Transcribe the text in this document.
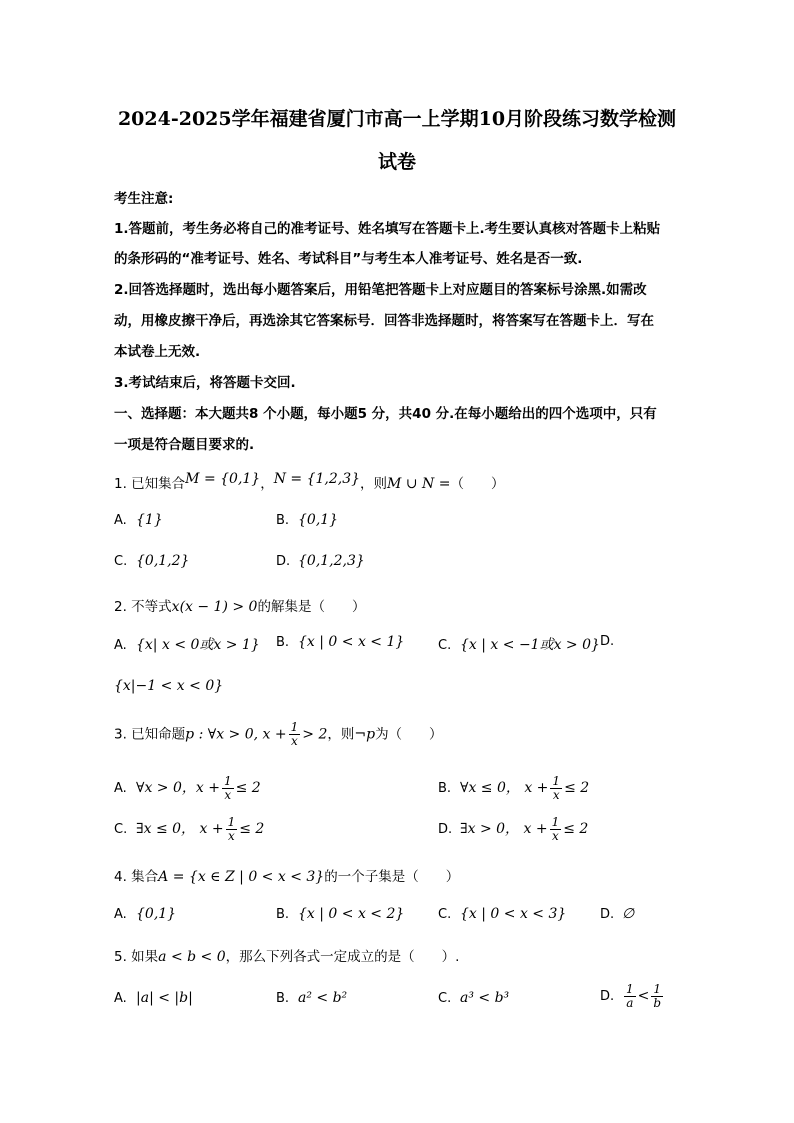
2024-2025学年福建省厦门市高一上学期10月阶段练习数学检测
试卷
考生注意:
1.答题前，考生务必将自己的准考证号、姓名填写在答题卡上.考生要认真核对答题卡上粘贴
的条形码的“准考证号、姓名、考试科目”与考生本人准考证号、姓名是否一致.
2.回答选择题时，选出每小题答案后，用铅笔把答题卡上对应题目的答案标号涂黑.如需改
动，用橡皮擦干净后，再选涂其它答案标号．回答非选择题时，将答案写在答题卡上．写在
本试卷上无效.
3.考试结束后，将答题卡交回.
一、选择题：本大题共8 个小题，每小题5 分，共40 分.在每小题给出的四个选项中，只有
一项是符合题目要求的.
1. 已知集合M = {0,1}，N = {1,2,3}，则M ∪ N =（　　）
A. {1}	B. {0,1}
C. {0,1,2}	D. {0,1,2,3}
2. 不等式x(x − 1) > 0的解集是（　　）
A. {x| x < 0或x > 1} B. {x | 0 < x < 1}	C. {x | x < −1或x > 0} D.
{x|−1 < x < 0}
3. 已知命题p : ∀x > 0, $x + \frac{1}{x} > 2$，则¬p为（　　）
A. ∀x > 0，$x + \frac{1}{x} \le 2$	B. ∀x ≤ 0， $x + \frac{1}{x} \le 2$
C. ∃x ≤ 0， $x + \frac{1}{x} \le 2$	D. ∃x > 0， $x + \frac{1}{x} \le 2$
4. 集合A = {x ∈ Z | 0 < x < 3}的一个子集是（　　）
A. {0,1}	B. {x | 0 < x < 2}	C. {x | 0 < x < 3}	D. ∅
5. 如果a < b < 0，那么下列各式一定成立的是（　　）.
A. |a| < |b|	B. a² < b²	C. a³ < b³	D. $\frac{1}{a} < \frac{1}{b}$
